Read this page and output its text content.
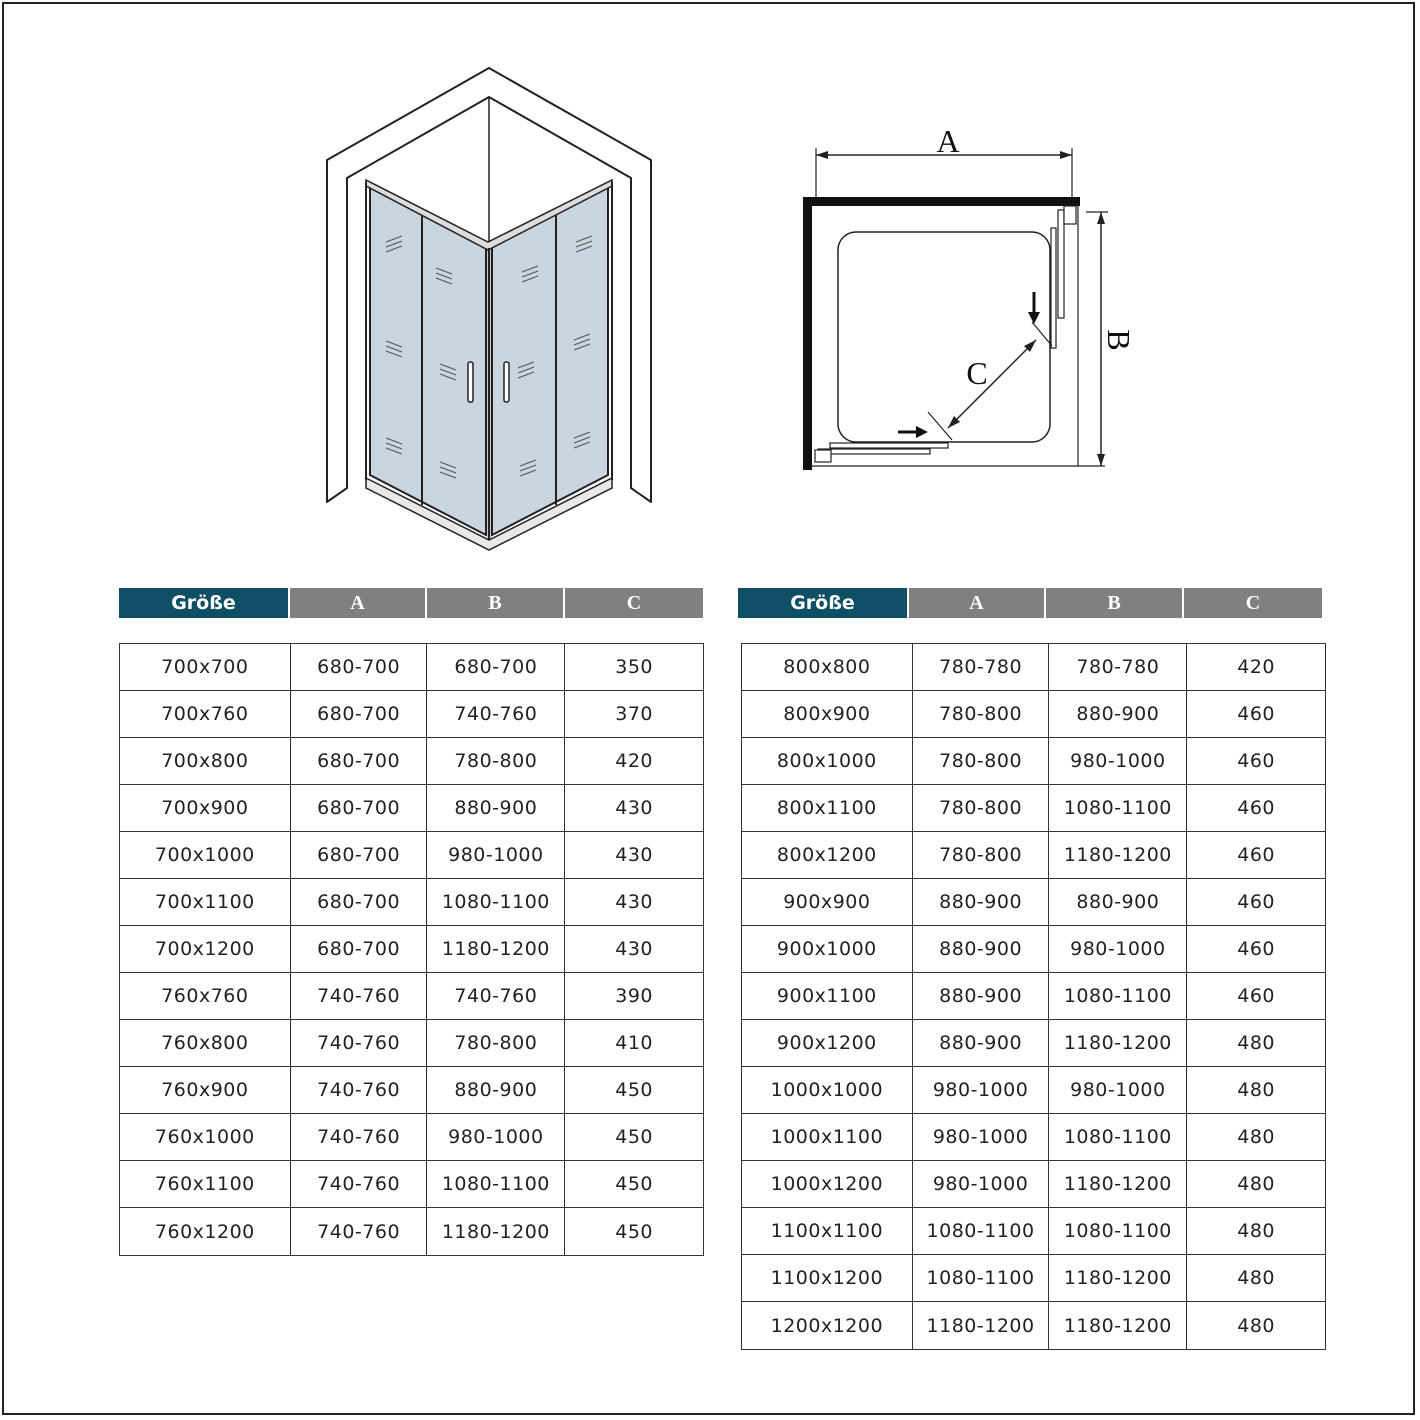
A
B
C
Größe	A	B	C
700x700	680-700	680-700	350
700x760	680-700	740-760	370
700x800	680-700	780-800	420
700x900	680-700	880-900	430
700x1000	680-700	980-1000	430
700x1100	680-700	1080-1100	430
700x1200	680-700	1180-1200	430
760x760	740-760	740-760	390
760x800	740-760	780-800	410
760x900	740-760	880-900	450
760x1000	740-760	980-1000	450
760x1100	740-760	1080-1100	450
760x1200	740-760	1180-1200	450
Größe	A	B	C
800x800	780-780	780-780	420
800x900	780-800	880-900	460
800x1000	780-800	980-1000	460
800x1100	780-800	1080-1100	460
800x1200	780-800	1180-1200	460
900x900	880-900	880-900	460
900x1000	880-900	980-1000	460
900x1100	880-900	1080-1100	460
900x1200	880-900	1180-1200	480
1000x1000	980-1000	980-1000	480
1000x1100	980-1000	1080-1100	480
1000x1200	980-1000	1180-1200	480
1100x1100	1080-1100	1080-1100	480
1100x1200	1080-1100	1180-1200	480
1200x1200	1180-1200	1180-1200	480
